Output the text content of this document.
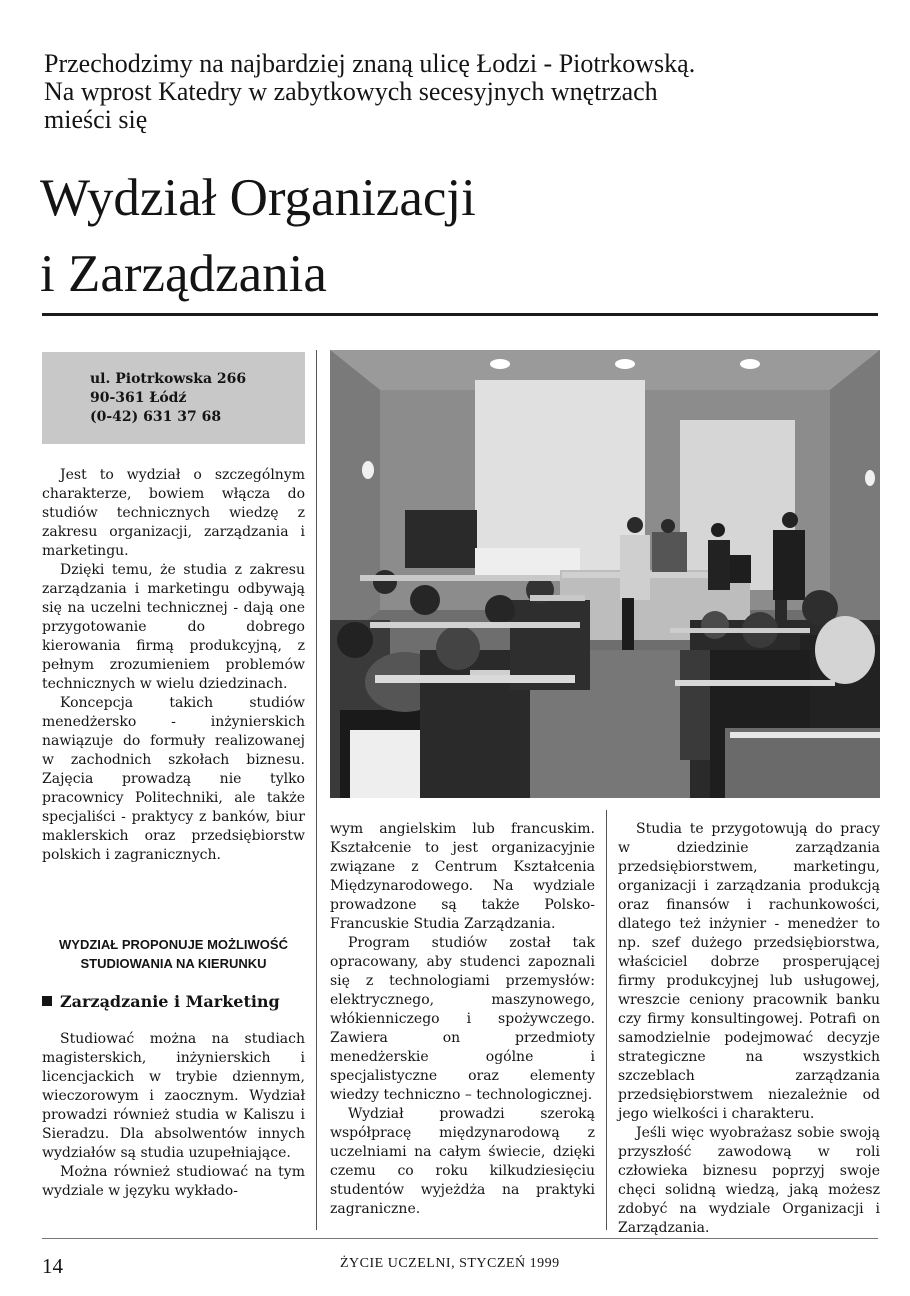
Przechodzimy na najbardziej znaną ulicę Łodzi - Piotrkowską.
Na wprost Katedry w zabytkowych secesyjnych wnętrzach
mieści się
Wydział Organizacji
i Zarządzania
ul. Piotrkowska 266
90-361 Łódź
(0-42) 631 37 68

Jest to wydział o szczególnym charakterze, bowiem włącza do studiów technicznych wiedzę z zakresu organizacji, zarządzania i marketingu.

Dzięki temu, że studia z zakresu zarządzania i marketingu odbywają się na uczelni technicznej - dają one przygotowanie do dobrego kierowania firmą produkcyjną, z pełnym zrozumieniem problemów technicznych w wielu dziedzinach.

Koncepcja takich studiów menedżersko - inżynierskich nawiązuje do formuły realizowanej w zachodnich szkołach biznesu. Zajęcia prowadzą nie tylko pracownicy Politechniki, ale także specjaliści - praktycy z banków, biur maklerskich oraz przedsiębiorstw polskich i zagranicznych.

WYDZIAŁ PROPONUJE MOŻLIWOŚĆ
STUDIOWANIA NA KIERUNKU
Zarządzanie i Marketing

Studiować można na studiach magisterskich, inżynierskich i licencjackich w trybie dziennym, wieczorowym i zaocznym. Wydział prowadzi również studia w Kaliszu i Sieradzu. Dla absolwentów innych wydziałów są studia uzupełniające.

Można również studiować na tym wydziale w języku wykłado-

wym angielskim lub francuskim. Kształcenie to jest organizacyjnie związane z Centrum Kształcenia Międzynarodowego. Na wydziale prowadzone są także Polsko-Francuskie Studia Zarządzania.

Program studiów został tak opracowany, aby studenci zapoznali się z technologiami przemysłów: elektrycznego, maszynowego, włókienniczego i spożywczego. Zawiera on przedmioty menedżerskie ogólne i specjalistyczne oraz elementy wiedzy techniczno – technologicznej.

Wydział prowadzi szeroką współpracę międzynarodową z uczelniami na całym świecie, dzięki czemu co roku kilkudziesięciu studentów wyjeżdża na praktyki zagraniczne.

Studia te przygotowują do pracy w dziedzinie zarządzania przedsiębiorstwem, marketingu, organizacji i zarządzania produkcją oraz finansów i rachunkowości, dlatego też inżynier - menedżer to np. szef dużego przedsiębiorstwa, właściciel dobrze prosperującej firmy produkcyjnej lub usługowej, wreszcie ceniony pracownik banku czy firmy konsultingowej. Potrafi on samodzielnie podejmować decyzje strategiczne na wszystkich szczeblach zarządzania przedsiębiorstwem niezależnie od jego wielkości i charakteru.

Jeśli więc wyobrażasz sobie swoją przyszłość zawodową w roli człowieka biznesu poprzyj swoje chęci solidną wiedzą, jaką możesz zdobyć na wydziale Organizacji i Zarządzania.

14	ŻYCIE UCZELNI, STYCZEŃ 1999
